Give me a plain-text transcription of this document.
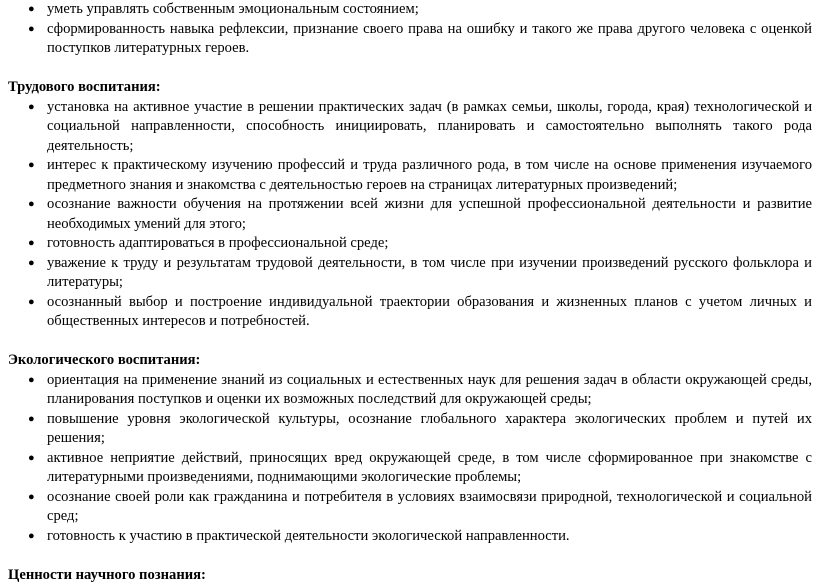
● уметь управлять собственным эмоциональным состоянием;
● сформированность навыка рефлексии, признание своего права на ошибку и такого же права другого человека с оценкой поступков литературных героев.
Трудового воспитания:
● установка на активное участие в решении практических задач (в рамках семьи, школы, города, края) технологической и социальной направленности, способность инициировать, планировать и самостоятельно выполнять такого рода деятельность;
● интерес к практическому изучению профессий и труда различного рода, в том числе на основе применения изучаемого предметного знания и знакомства с деятельностью героев на страницах литературных произведений;
● осознание важности обучения на протяжении всей жизни для успешной профессиональной деятельности и развитие необходимых умений для этого;
● готовность адаптироваться в профессиональной среде;
● уважение к труду и результатам трудовой деятельности, в том числе при изучении произведений русского фольклора и литературы;
● осознанный выбор и построение индивидуальной траектории образования и жизненных планов с учетом личных и общественных интересов и потребностей.
Экологического воспитания:
● ориентация на применение знаний из социальных и естественных наук для решения задач в области окружающей среды, планирования поступков и оценки их возможных последствий для окружающей среды;
● повышение уровня экологической культуры, осознание глобального характера экологических проблем и путей их решения;
● активное неприятие действий, приносящих вред окружающей среде, в том числе сформированное при знакомстве с литературными произведениями, поднимающими экологические проблемы;
● осознание своей роли как гражданина и потребителя в условиях взаимосвязи природной, технологической и социальной сред;
● готовность к участию в практической деятельности экологической направленности.
Ценности научного познания:
